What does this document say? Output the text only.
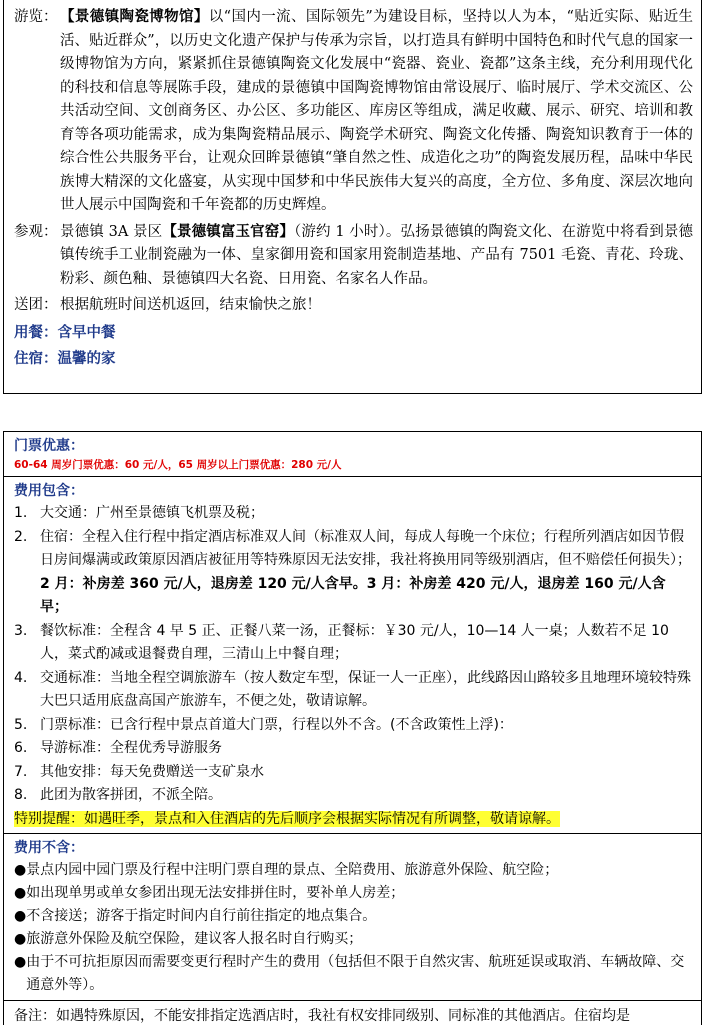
游览： 【景德镇陶瓷博物馆】以“国内一流、国际领先”为建设目标，坚持以人为本，“贴近实际、贴近生活、贴近群众”，以历史文化遗产保护与传承为宗旨，以打造具有鲜明中国特色和时代气息的国家一级博物馆为方向，紧紧抓住景德镇陶瓷文化发展中“瓷器、瓷业、瓷都”这条主线，充分利用现代化的科技和信息等展陈手段，建成的景德镇中国陶瓷博物馆由常设展厅、临时展厅、学术交流区、公共活动空间、文创商务区、办公区、多功能区、库房区等组成，满足收藏、展示、研究、培训和教育等各项功能需求，成为集陶瓷精品展示、陶瓷学术研究、陶瓷文化传播、陶瓷知识教育于一体的综合性公共服务平台，让观众回眸景德镇“肇自然之性、成造化之功”的陶瓷发展历程，品味中华民族博大精深的文化盛宴，从实现中国梦和中华民族伟大复兴的高度，全方位、多角度、深层次地向世人展示中国陶瓷和千年瓷都的历史辉煌。
参观： 景德镇 3A 景区【景德镇富玉官窑】（游约 1 小时）。弘扬景德镇的陶瓷文化、在游览中将看到景德镇传统手工业制瓷融为一体、皇家御用瓷和国家用瓷制造基地、产品有 7501 毛瓷、青花、玲珑、粉彩、颜色釉、景德镇四大名瓷、日用瓷、名家名人作品。
送团： 根据航班时间送机返回，结束愉快之旅！
用餐：含早中餐
住宿：温馨的家
门票优惠：
60-64 周岁门票优惠：60 元/人，65 周岁以上门票优惠：280 元/人
费用包含：
1. 大交通：广州至景德镇飞机票及税；
2. 住宿：全程入住行程中指定酒店标准双人间（标准双人间，每成人每晚一个床位；行程所列酒店如因节假日房间爆满或政策原因酒店被征用等特殊原因无法安排，我社将换用同等级别酒店，但不赔偿任何损失）；2 月：补房差 360 元/人，退房差 120 元/人含早。3 月：补房差 420 元/人，退房差 160 元/人含早；
3. 餐饮标准：全程含 4 早 5 正、正餐八菜一汤，正餐标：￥30 元/人，10—14 人一桌；人数若不足 10 人，菜式酌减或退餐费自理，三清山上中餐自理；
4. 交通标准：当地全程空调旅游车（按人数定车型，保证一人一正座），此线路因山路较多且地理环境较特殊大巴只适用底盘高国产旅游车，不便之处，敬请谅解。
5. 门票标准：已含行程中景点首道大门票，行程以外不含。(不含政策性上浮)：
6. 导游标准：全程优秀导游服务
7. 其他安排：每天免费赠送一支矿泉水
8. 此团为散客拼团，不派全陪。
特别提醒：如遇旺季，景点和入住酒店的先后顺序会根据实际情况有所调整，敬请谅解。
费用不含：
● 景点内园中园门票及行程中注明门票自理的景点、全陪费用、旅游意外保险、航空险；
● 如出现单男或单女参团出现无法安排拼住时，要补单人房差；
● 不含接送；游客于指定时间内自行前往指定的地点集合。
● 旅游意外保险及航空保险，建议客人报名时自行购买；
● 由于不可抗拒原因而需要变更行程时产生的费用（包括但不限于自然灾害、航班延误或取消、车辆故障、交通意外等）。
备注：如遇特殊原因，不能安排指定选酒店时，我社有权安排同级别、同标准的其他酒店。住宿均是
